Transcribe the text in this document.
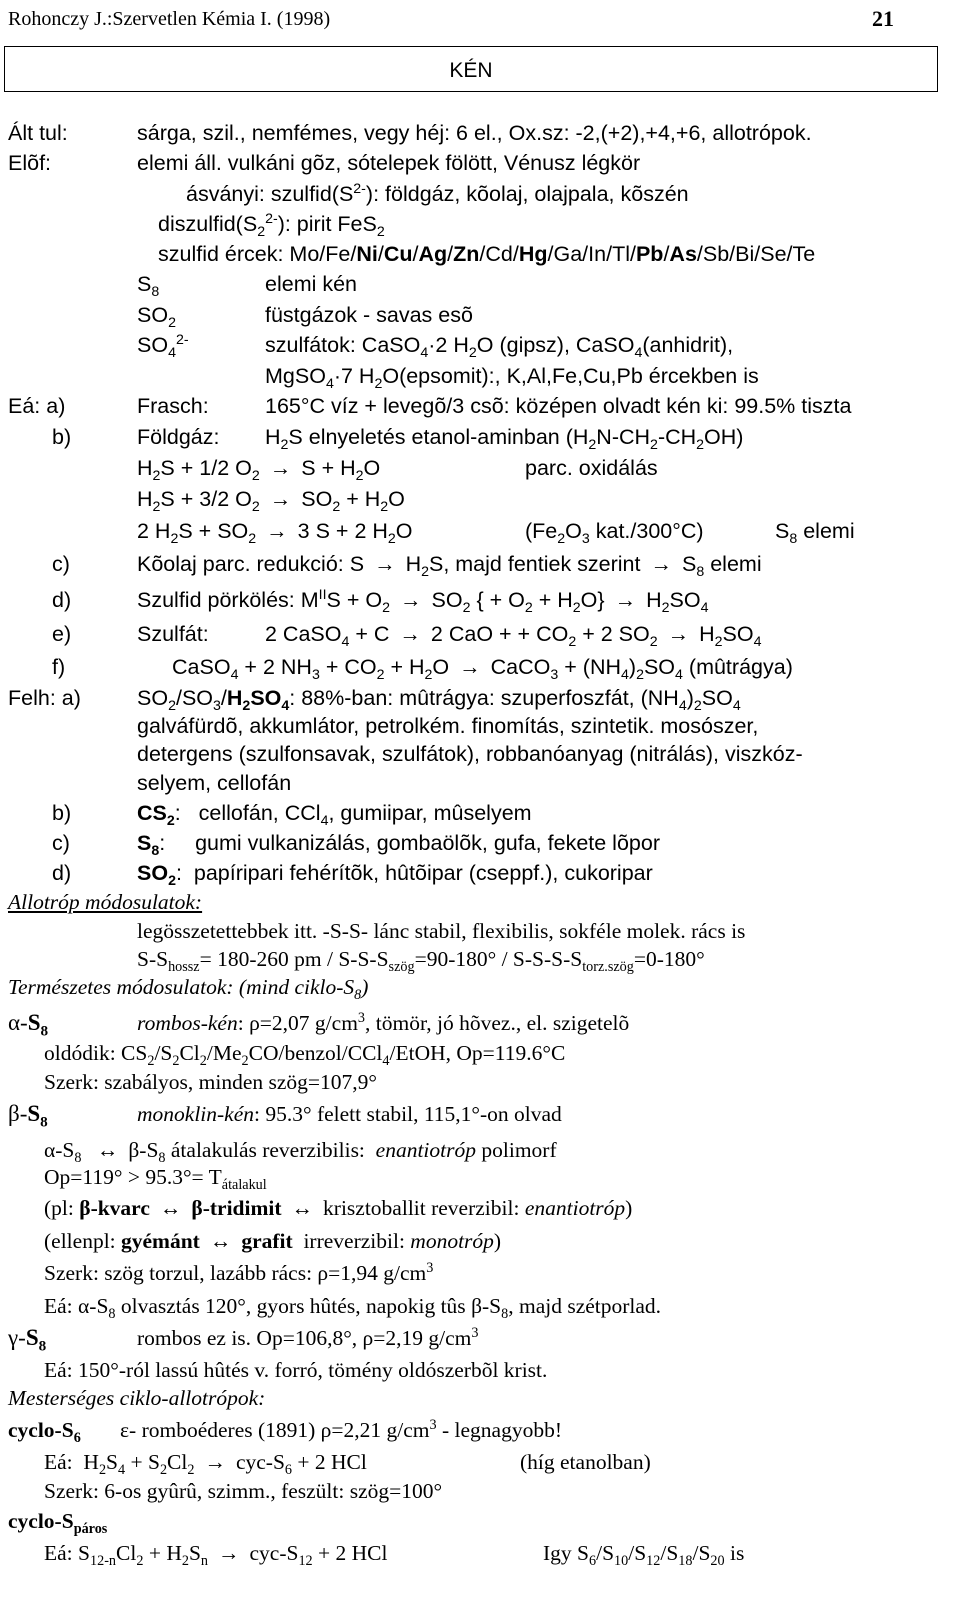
Rohonczy J.:Szervetlen Kémia I. (1998)	21
KÉN
Ált tul:	sárga, szil., nemfémes, vegy héj: 6 el., Ox.sz: -2,(+2),+4,+6, allotrópok.
Elõf:	elemi áll. vulkáni gõz, sótelepek fölött, Vénusz légkör
ásványi: $szulfid(S^{2-})$: földgáz, kõolaj, olajpala, kõszén
$diszulfid(S_2^{2-})$: pirit FeS$_2$
szulfid ércek: Mo/Fe/Ni/Cu/Ag/Zn/Cd/Hg/Ga/In/Tl/Pb/As/Sb/Bi/Se/Te
$S_8$	elemi kén
$SO_2$	füstgázok - savas esõ
$SO_4^{2-}$	szulfátok: CaSO$_4$·2 $H_2O$ (gipsz), CaSO$_4$(anhidrit),
MgSO$_4$·7 $H_2O(epsomit)$:, K,Al,Fe,Cu,Pb ércekben is
Eá: a)	Frasch:	165°C víz + levegõ/3 csõ: középen olvadt kén ki: 99.5% tiszta
b)	Földgáz: $H_2S$ elnyeletés etanol-aminban $(H_2N-CH_2-CH_2OH)$
$H_2S + 1/2$ $O_2 \to S + H_2O$	parc. oxidálás
$H_2S + 3/2$ $O_2 \to SO_2 + H_2O$
2 $H_2S + SO_2 \to 3$ S + 2 $H_2O$	($Fe_2O_3$ kat./300°C)	$S_8$ elemi
c)	Kõolaj parc. redukció: $S \to H_2S$, majd fentiek szerint → $S_8$ elemi
d)	Szulfid pörkölés: $M^{II}S + O_2 \to SO_2$ { + $O_2 + H_2O\} \to H_2SO_4$
e)	Szulfát:	2 CaSO$_4$ + C → 2 CaO + + $CO_2 + 2$ $SO_2 \to H_2SO_4$
f)	CaSO$_4$ + 2 $NH_3 + CO_2 + H_2O$ → CaCO$_3$ + $(NH_4)_2SO_4$ (mûtrágya)
Felh: a)	$SO_2/SO_3/H_2SO_4$: 88%-ban: mûtrágya: szuperfoszfát, $(NH_4)_2SO_4$
galváfürdõ, akkumlátor, petrolkém. finomítás, szintetik. mosószer,
detergens (szulfonsavak, szulfátok), robbanóanyag (nitrálás), viszkóz-
selyem, cellofán
b)	$CS_2$:   cellofán, CCl$_4$, gumiipar, mûselyem
c)	$S_8$:     gumi vulkanizálás, gombaölõk, gufa, fekete lõpor
d)	$SO_2$:  papíripari fehérítõk, hûtõipar (cseppf.), cukoripar
Allotróp módosulatok:
legösszetettebbek itt. -S-S- lánc stabil, flexibilis, sokféle molek. rács is
$S-S_{hossz}= 180-260$ pm / $S-S-S_{szög}=90-180^\circ / S-S-S-S_{torz.szög}=0-180^\circ$
Természetes módosulatok: (mind ciklo-$S_8$)
$\alpha-S_8$	rombos-kén: ρ=2,07 $g/cm^3$, tömör, jó hõvez., el. szigetelõ
oldódik: $CS_2/S_2Cl_2/Me_2CO/benzol/CCl_4$/EtOH, Op=119.6°C
Szerk: szabályos, minden szög=107,9°
$\beta-S_8$	monoklin-kén: 95.3° felett stabil, 115,1°-on olvad
$\alpha-S_8$ ↔ $\beta-S_8$ átalakulás reverzibilis: enantiotróp polimorf
$Op=119^\circ > 95.3^\circ= T_{átalakul}$
(pl: β-kvarc ↔ β-tridimit ↔ krisztoballit reverzibil: enantiotróp)
(ellenpl: gyémánt ↔ grafit irreverzibil: monotróp)
Szerk: szög torzul, lazább rács: ρ=1,94 $g/cm^3$
Eá: $\alpha-S_8$ olvasztás 120°, gyors hûtés, napokig tûs $\beta-S_8$, majd szétporlad.
$\gamma-S_8$	rombos ez is. Op=106,8°, ρ=2,19 $g/cm^3$
Eá: 150°-ról lassú hûtés v. forró, tömény oldószerbõl krist.
Mesterséges ciklo-allotrópok:
cyclo-$S_6$ ε- romboéderes (1891) ρ=2,21 $g/cm^3$ - legnagyobb!
Eá:  $H_2S_4 + S_2Cl_2 \to cyc-S_6 + 2$ HCl	(híg etanolban)
Szerk: 6-os gyûrû, szimm., feszült: szög=100°
cyclo-$S_{páros}$
Eá: $S_{12-n}Cl_2 + H_2S_n \to cyc-S_{12} + 2$ HCl	Igy $S_6/S_{10}/S_{12}/S_{18}/S_{20}$ is
